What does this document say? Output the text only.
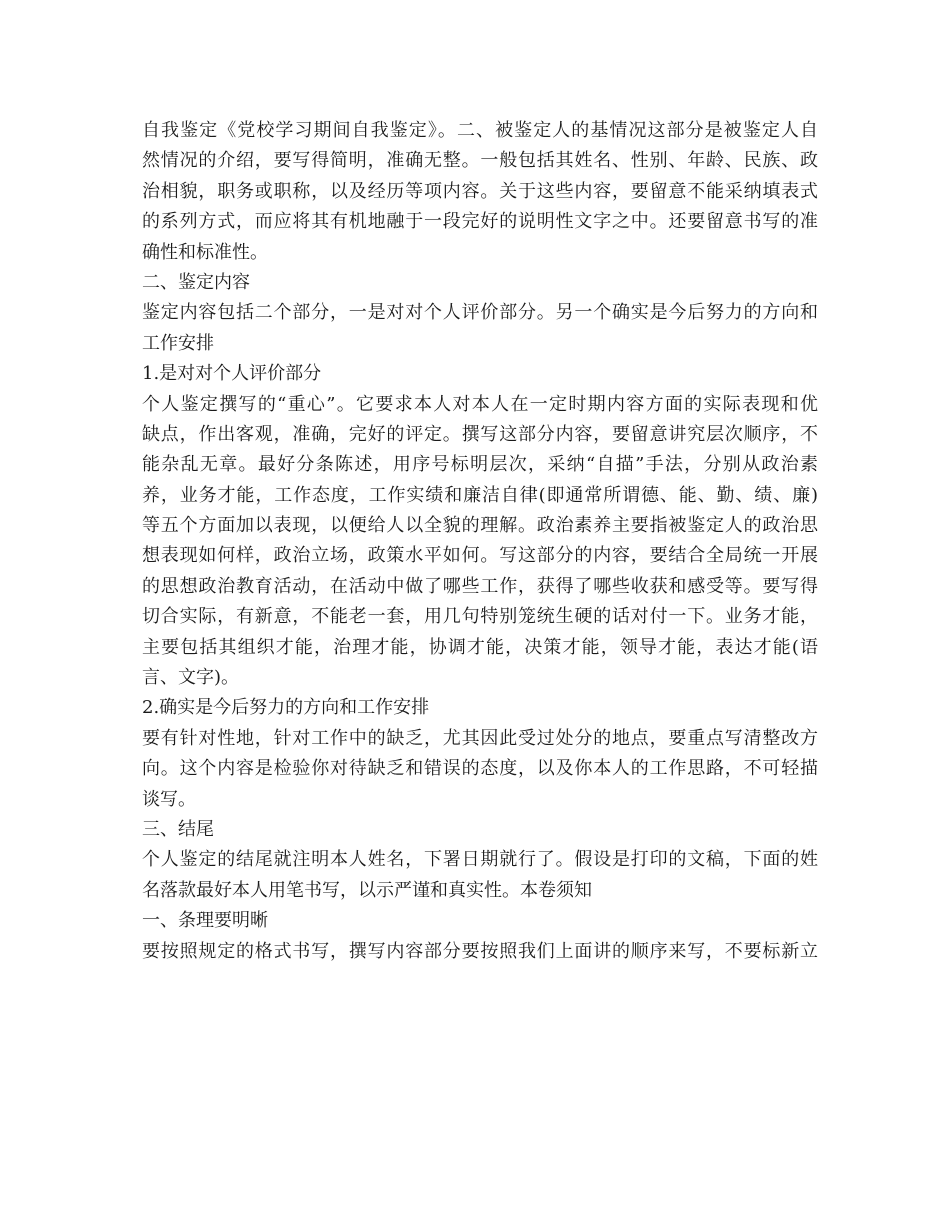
自我鉴定《党校学习期间自我鉴定》。二、被鉴定人的基情况这部分是被鉴定人自
然情况的介绍，要写得简明，准确无整。一般包括其姓名、性别、年龄、民族、政
治相貌，职务或职称，以及经历等项内容。关于这些内容，要留意不能采纳填表式
的系列方式，而应将其有机地融于一段完好的说明性文字之中。还要留意书写的准
确性和标准性。
二、鉴定内容
鉴定内容包括二个部分，一是对对个人评价部分。另一个确实是今后努力的方向和
工作安排
1.是对对个人评价部分
个人鉴定撰写的“重心”。它要求本人对本人在一定时期内容方面的实际表现和优
缺点，作出客观，准确，完好的评定。撰写这部分内容，要留意讲究层次顺序，不
能杂乱无章。最好分条陈述，用序号标明层次，采纳“自描”手法，分别从政治素
养，业务才能，工作态度，工作实绩和廉洁自律(即通常所谓德、能、勤、绩、廉)
等五个方面加以表现，以便给人以全貌的理解。政治素养主要指被鉴定人的政治思
想表现如何样，政治立场，政策水平如何。写这部分的内容，要结合全局统一开展
的思想政治教育活动，在活动中做了哪些工作，获得了哪些收获和感受等。要写得
切合实际，有新意，不能老一套，用几句特别笼统生硬的话对付一下。业务才能，
主要包括其组织才能，治理才能，协调才能，决策才能，领导才能，表达才能(语
言、文字)。
2.确实是今后努力的方向和工作安排
要有针对性地，针对工作中的缺乏，尤其因此受过处分的地点，要重点写清整改方
向。这个内容是检验你对待缺乏和错误的态度，以及你本人的工作思路，不可轻描
谈写。
三、结尾
个人鉴定的结尾就注明本人姓名，下署日期就行了。假设是打印的文稿，下面的姓
名落款最好本人用笔书写，以示严谨和真实性。本卷须知
一、条理要明晰
要按照规定的格式书写，撰写内容部分要按照我们上面讲的顺序来写，不要标新立
